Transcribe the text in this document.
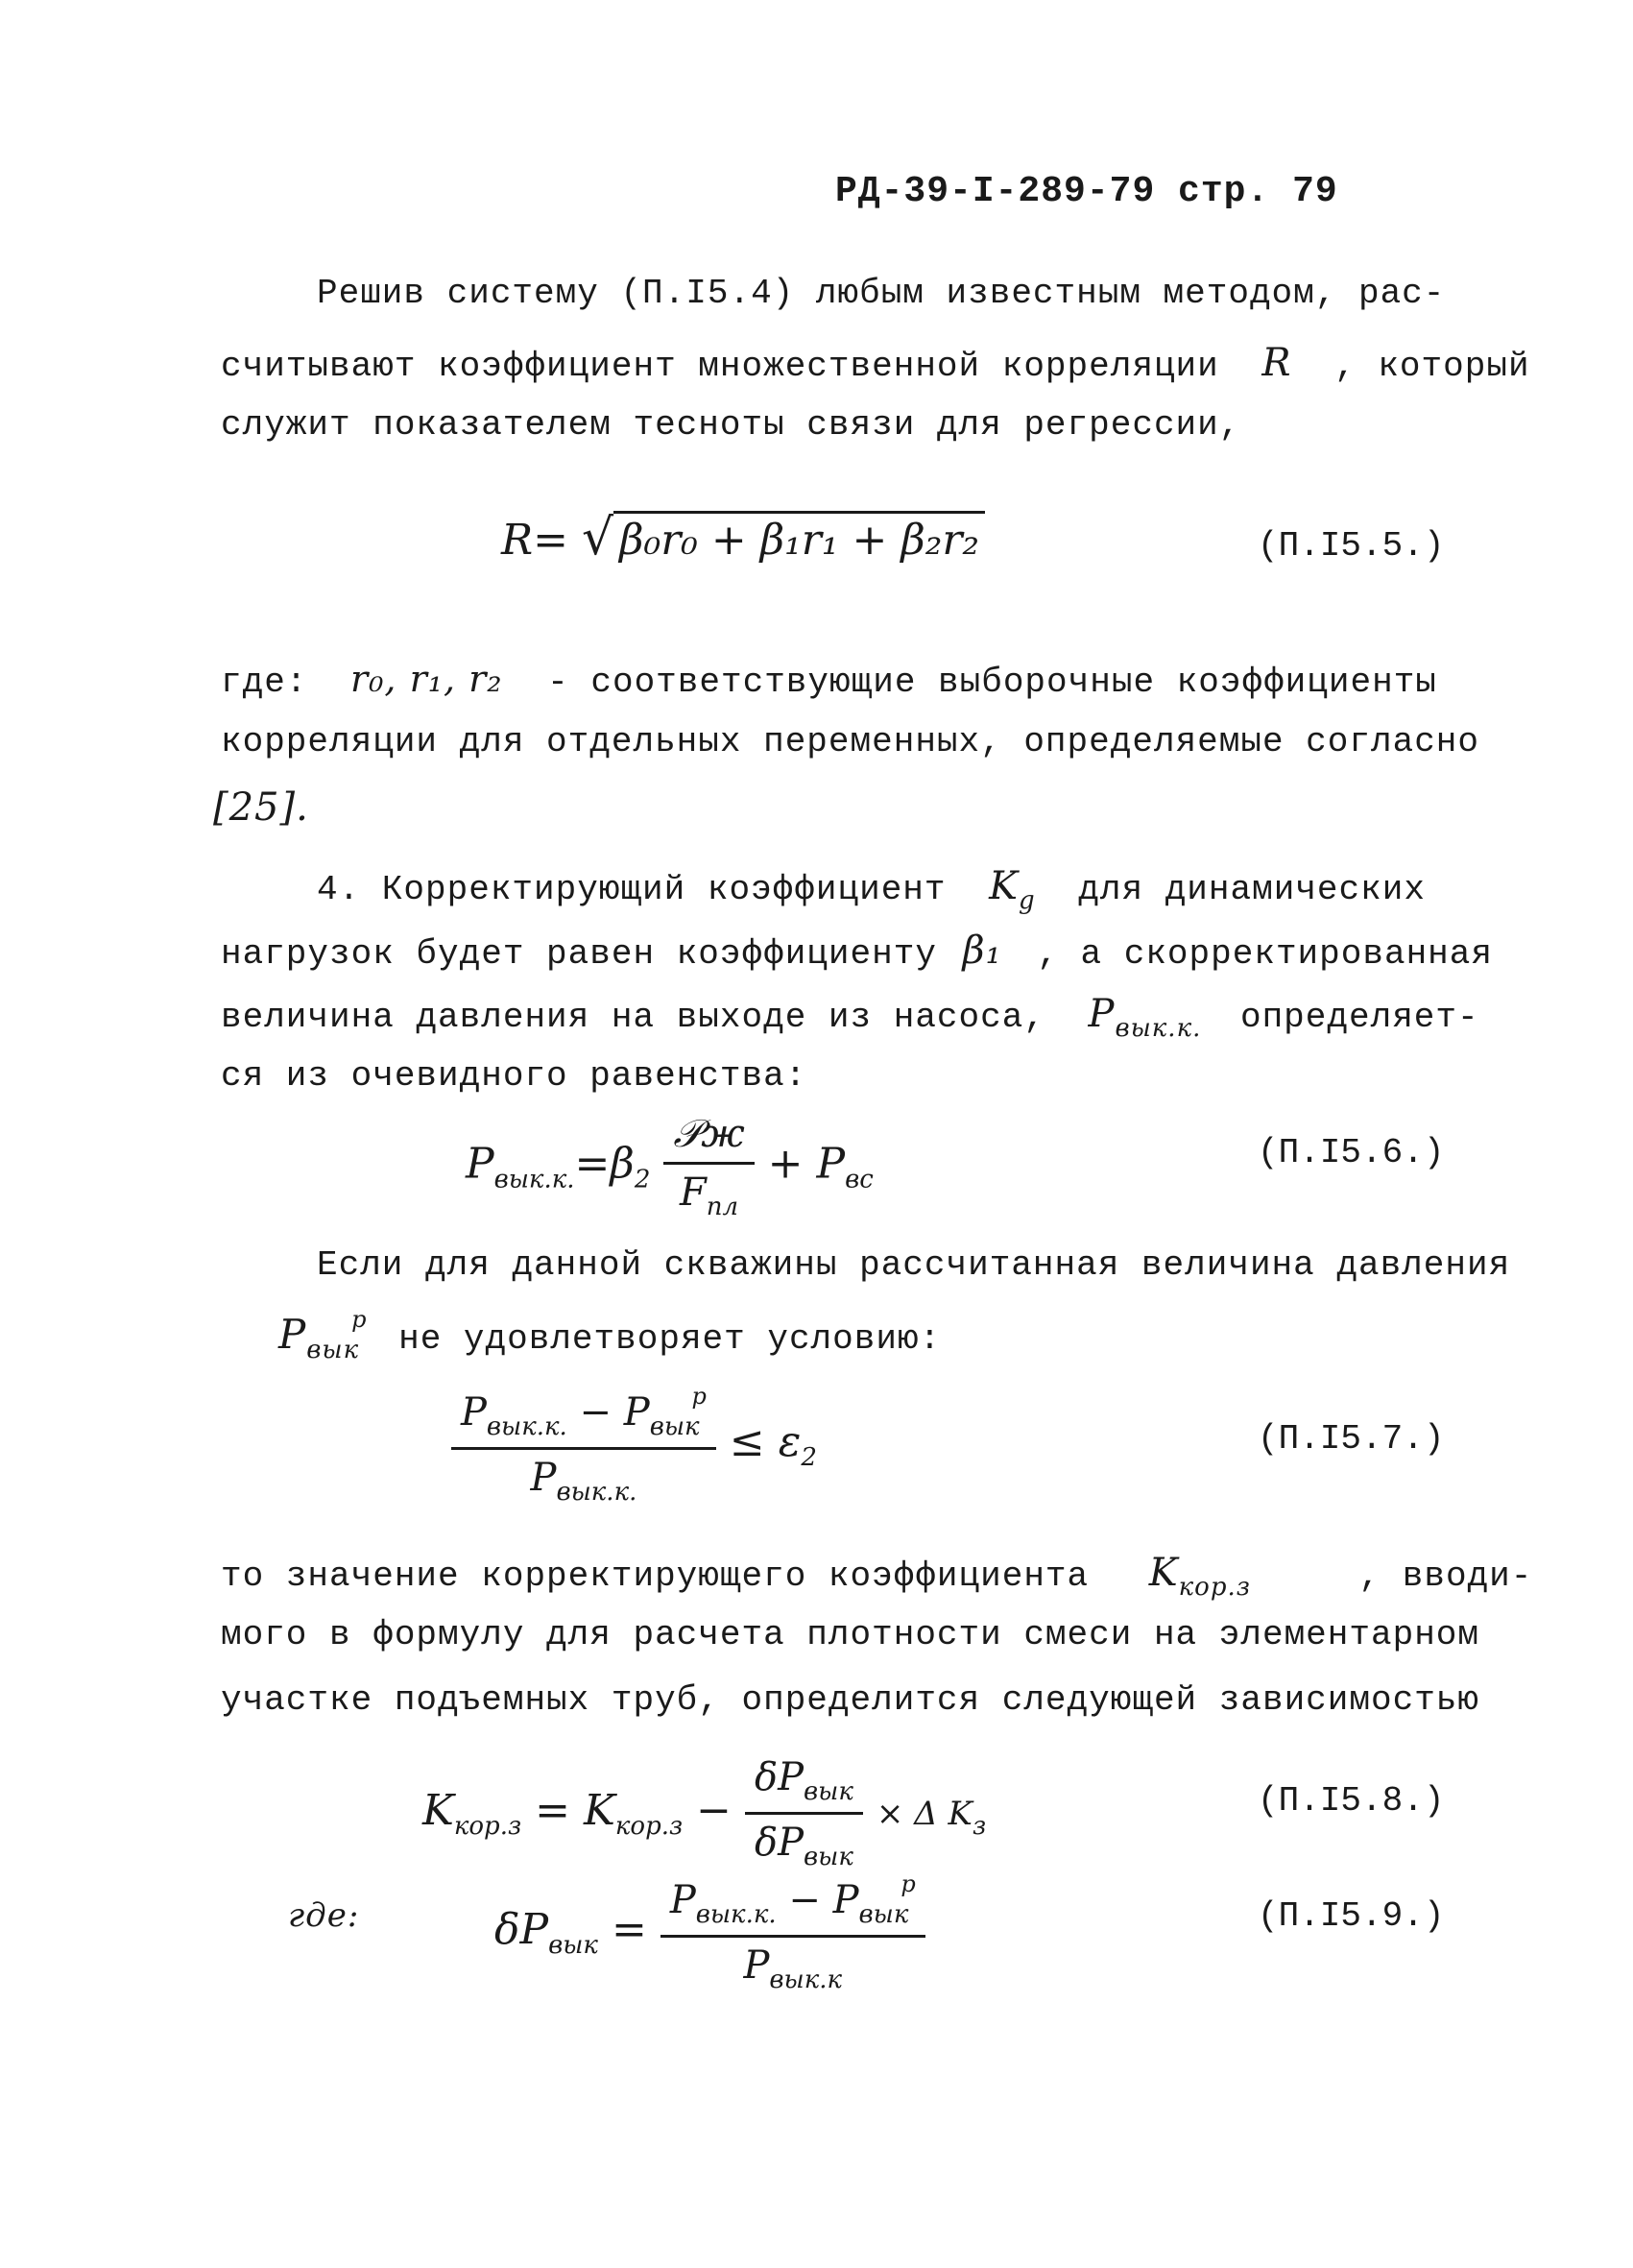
РД-39-I-289-79 стр. 79
Решив систему (П.I5.4) любым известным методом, рас-
считывают коэффициент множественной корреляции R , который
служит показателем тесноты связи для регрессии,
R= √ β₀r₀ + β₁r₁ + β₂r₂	(П.I5.5.)
где: r₀, r₁, r₂ - соответствующие выборочные коэффициенты
корреляции для отдельных переменных, определяемые согласно
[25].
4. Корректирующий коэффициент $K_g$ для динамических
нагрузок будет равен коэффициенту β₁ , а скорректированная
величина давления на выходе из насоса, $P_{вык.к.}$ определяет-
ся из очевидного равенства:
$P_{вык.к.}=\beta_2 \frac{\text{𝒫ж}}{F_{пл}} + P_{вс}$
(П.I5.6.)
Если для данной скважины рассчитанная величина давления
$P_{вык}^р$ не удовлетворяет условию:
$\frac{P_{вык.к.} - P_{вык}^р}{P_{вык.к.}} \le \varepsilon_2$	(П.I5.7.)
то значение корректирующего коэффициента $K_{кор.з}$	, вводи-
мого в формулу для расчета плотности смеси на элементарном
участке подъемных труб, определится следующей зависимостью
$K_{кор.з} = K_{кор.з} - \frac{\delta P_{вык}}{\delta P_{вык}} \times \Delta$ $K_з$
(П.I5.8.)
где:	$\delta P_{вык} = \frac{P_{вык.к.} - P_{вык}^р}{P_{вык.к}}$	(П.I5.9.)
